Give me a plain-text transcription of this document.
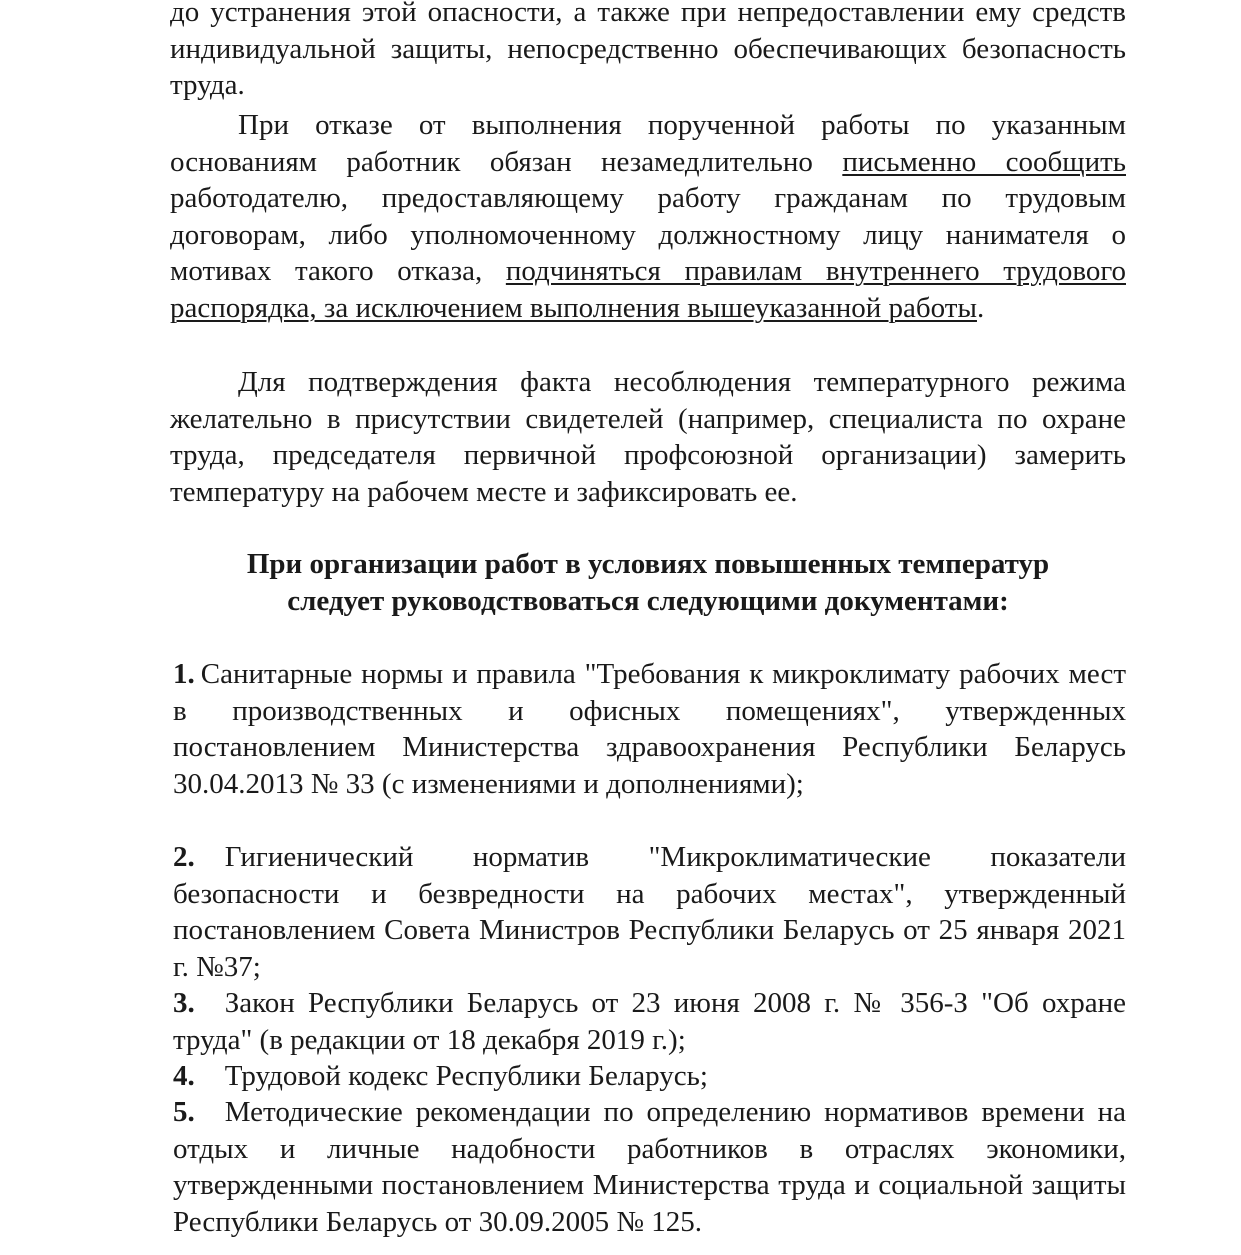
до устранения этой опасности, а также при непредоставлении ему средств индивидуальной защиты, непосредственно обеспечивающих безопасность труда.

При отказе от выполнения порученной работы по указанным основаниям работник обязан незамедлительно письменно сообщить работодателю, предоставляющему работу гражданам по трудовым договорам, либо уполномоченному должностному лицу нанимателя о мотивах такого отказа, подчиняться правилам внутреннего трудового распорядка, за исключением выполнения вышеуказанной работы.

Для подтверждения факта несоблюдения температурного режима желательно в присутствии свидетелей (например, специалиста по охране труда, председателя первичной профсоюзной организации) замерить температуру на рабочем месте и зафиксировать ее.

При организации работ в условиях повышенных температур

следует руководствоваться следующими документами:

1. Санитарные нормы и правила "Требования к микроклимату рабочих мест в производственных и офисных помещениях", утвержденных постановлением Министерства здравоохранения Республики Беларусь 30.04.2013 № 33 (с изменениями и дополнениями);

2. Гигиенический норматив "Микроклиматические показатели безопасности и безвредности на рабочих местах", утвержденный постановлением Совета Министров Республики Беларусь от 25 января 2021 г. №37;

3. Закон Республики Беларусь от 23 июня 2008 г. № 356-З "Об охране труда" (в редакции от 18 декабря 2019 г.);

4. Трудовой кодекс Республики Беларусь;

5. Методические рекомендации по определению нормативов времени на отдых и личные надобности работников в отраслях экономики, утвержденными постановлением Министерства труда и социальной защиты Республики Беларусь от 30.09.2005 № 125.
